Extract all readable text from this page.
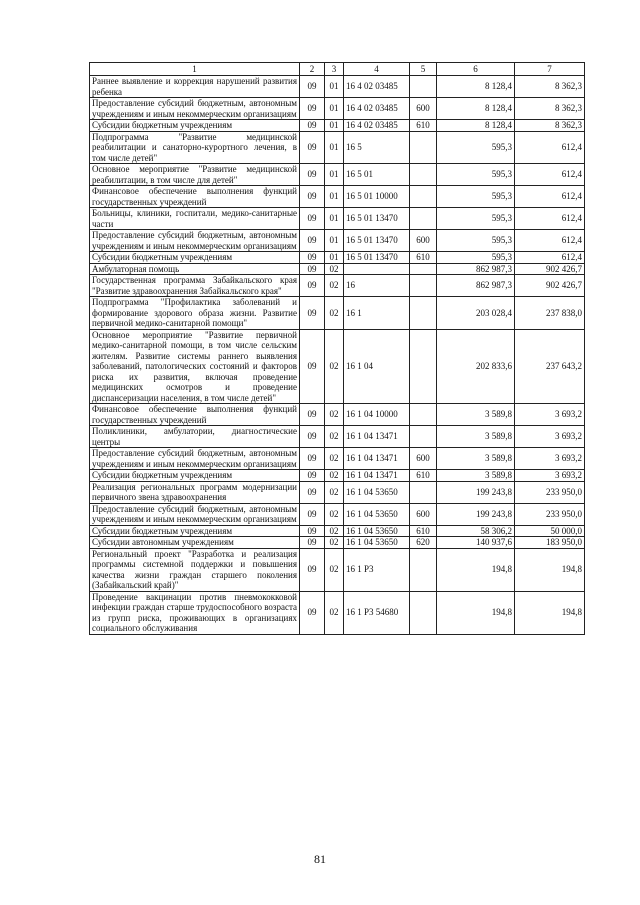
1	2	3	4	5	6	7
Раннее выявление и коррекция нарушений развития ребенка	09	01	16 4 02 03485		8 128,4	8 362,3
Предоставление субсидий бюджетным, автономным учреждениям и иным некоммерческим организациям	09	01	16 4 02 03485	600	8 128,4	8 362,3
Субсидии бюджетным учреждениям	09	01	16 4 02 03485	610	8 128,4	8 362,3
Подпрограмма "Развитие медицинской реабилитации и санаторно-курортного лечения, в том числе детей"	09	01	16 5		595,3	612,4
Основное мероприятие "Развитие медицинской реабилитации, в том числе для детей"	09	01	16 5 01		595,3	612,4
Финансовое обеспечение выполнения функций государственных учреждений	09	01	16 5 01 10000		595,3	612,4
Больницы, клиники, госпитали, медико-санитарные части	09	01	16 5 01 13470		595,3	612,4
Предоставление субсидий бюджетным, автономным учреждениям и иным некоммерческим организациям	09	01	16 5 01 13470	600	595,3	612,4
Субсидии бюджетным учреждениям	09	01	16 5 01 13470	610	595,3	612,4
Амбулаторная помощь	09	02			862 987,3	902 426,7
Государственная программа Забайкальского края "Развитие здравоохранения Забайкальского края"	09	02	16		862 987,3	902 426,7
Подпрограмма "Профилактика заболеваний и формирование здорового образа жизни. Развитие первичной медико-санитарной помощи"	09	02	16 1		203 028,4	237 838,0
Основное мероприятие "Развитие первичной медико-санитарной помощи, в том числе сельским жителям. Развитие системы раннего выявления заболеваний, патологических состояний и факторов риска их развития, включая проведение медицинских осмотров и проведение диспансеризации населения, в том числе детей"	09	02	16 1 04		202 833,6	237 643,2
Финансовое обеспечение выполнения функций государственных учреждений	09	02	16 1 04 10000		3 589,8	3 693,2
Поликлиники, амбулатории, диагностические центры	09	02	16 1 04 13471		3 589,8	3 693,2
Предоставление субсидий бюджетным, автономным учреждениям и иным некоммерческим организациям	09	02	16 1 04 13471	600	3 589,8	3 693,2
Субсидии бюджетным учреждениям	09	02	16 1 04 13471	610	3 589,8	3 693,2
Реализация региональных программ модернизации первичного звена здравоохранения	09	02	16 1 04 53650		199 243,8	233 950,0
Предоставление субсидий бюджетным, автономным учреждениям и иным некоммерческим организациям	09	02	16 1 04 53650	600	199 243,8	233 950,0
Субсидии бюджетным учреждениям	09	02	16 1 04 53650	610	58 306,2	50 000,0
Субсидии автономным учреждениям	09	02	16 1 04 53650	620	140 937,6	183 950,0
Региональный проект "Разработка и реализация программы системной поддержки и повышения качества жизни граждан старшего поколения (Забайкальский край)"	09	02	16 1 P3		194,8	194,8
Проведение вакцинации против пневмококковой инфекции граждан старше трудоспособного возраста из групп риска, проживающих в организациях социального обслуживания	09	02	16 1 P3 54680		194,8	194,8
81
